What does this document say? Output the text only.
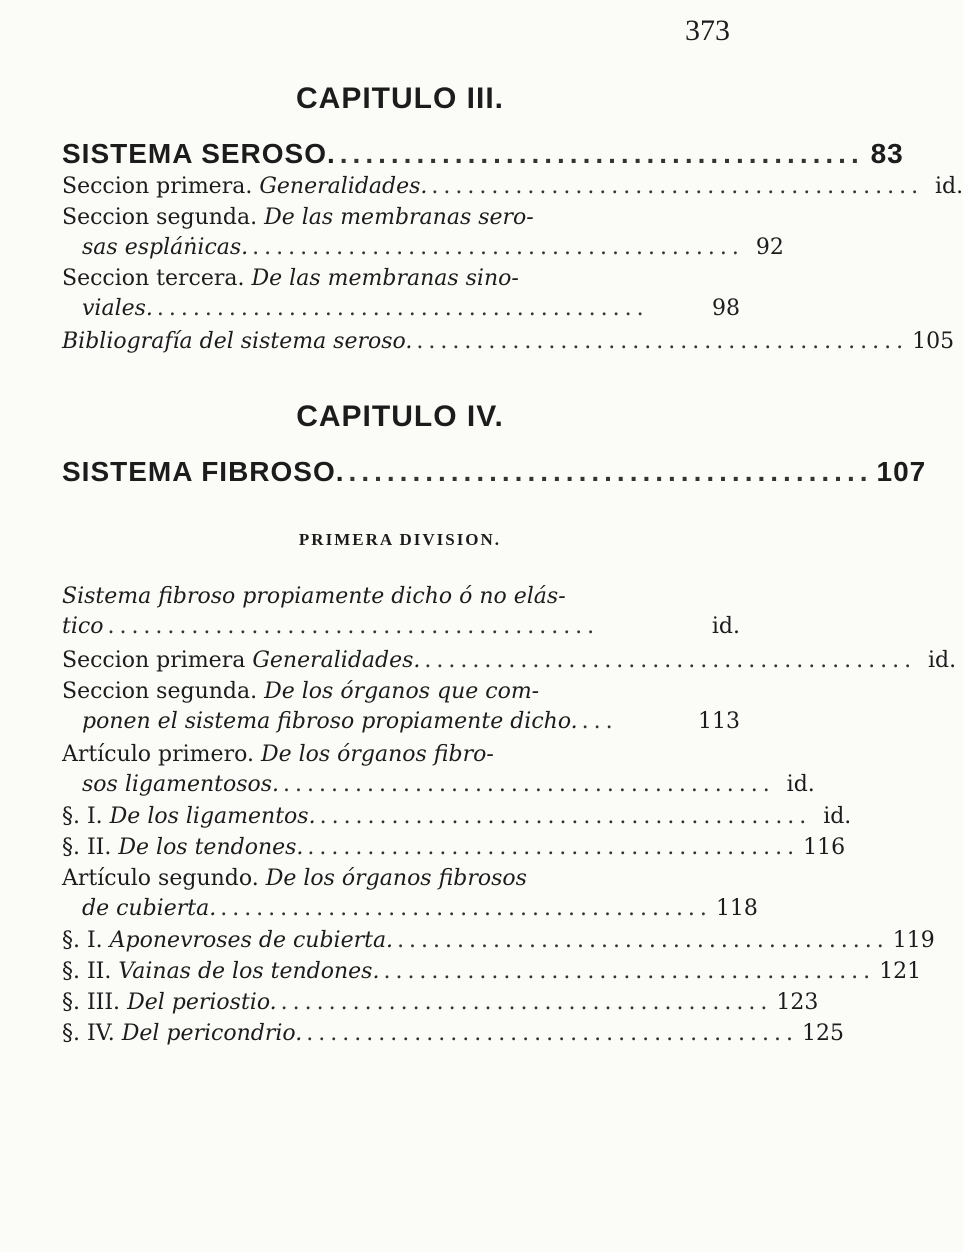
373
CAPITULO III.
SISTEMA SEROSO. ......................................... 83
Seccion primera. Generalidades. ......................................... id.
Seccion segunda. De las membranas sero-
sas espláṅicas. ......................................... 92
Seccion tercera. De las membranas sino-
viales. .........................................	98
Bibliografía del sistema seroso. ......................................... 105
CAPITULO IV.
SISTEMA FIBROSO. ......................................... 107
PRIMERA DIVISION.
Sistema fibroso propiamente dicho ó no elás-
tico .........................................	id.
Seccion primera Generalidades. ......................................... id.
Seccion segunda. De los órganos que com-
ponen el sistema fibroso propiamente dicho. ...	113
Artículo primero. De los órganos fibro-
sos ligamentosos. ......................................... id.
§. I. De los ligamentos. ......................................... id.
§. II. De los tendones. ......................................... 116
Artículo segundo. De los órganos fibrosos
de cubierta. ......................................... 118
§. I. Aponevroses de cubierta. ......................................... 119
§. II. Vainas de los tendones. ......................................... 121
§. III. Del periostio. ......................................... 123
§. IV. Del pericondrio. ......................................... 125
